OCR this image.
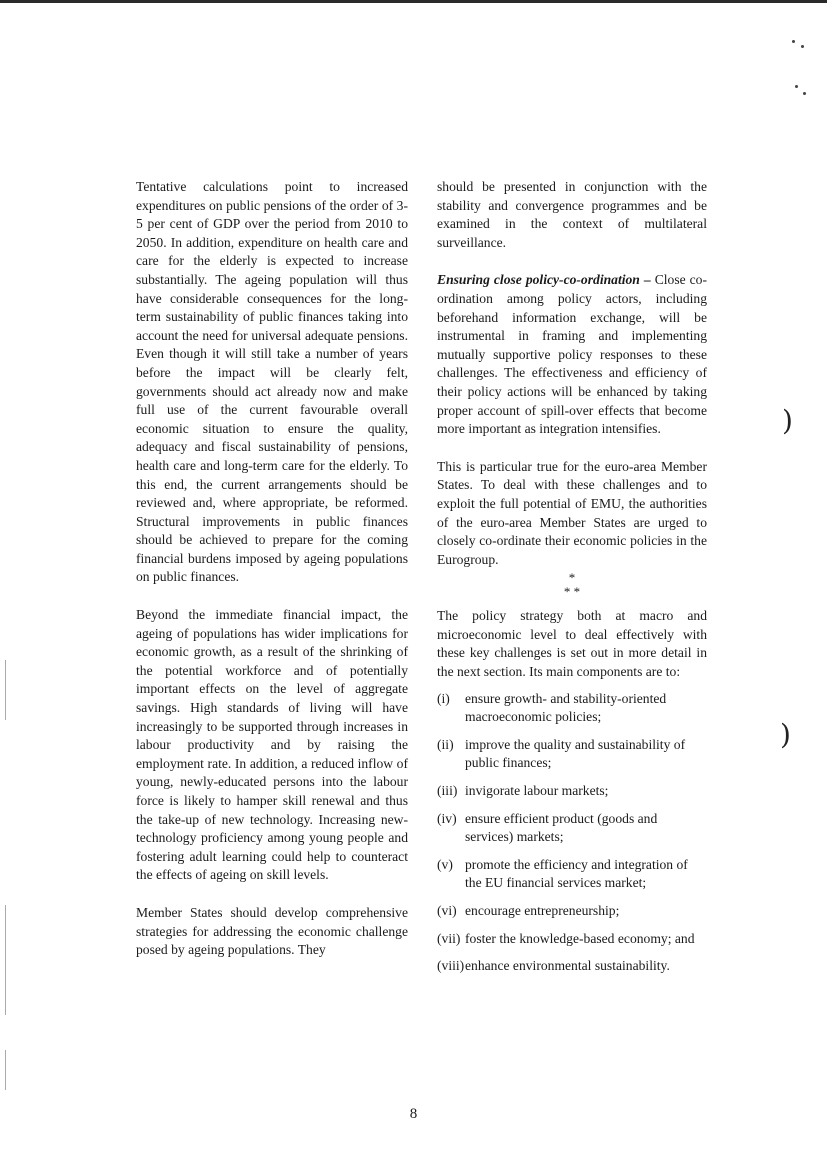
)
)

Tentative calculations point to increased expenditures on public pensions of the order of 3-5 per cent of GDP over the period from 2010 to 2050. In addition, expenditure on health care and care for the elderly is expected to increase substantially. The ageing population will thus have considerable consequences for the long-term sustainability of public finances taking into account the need for universal adequate pensions. Even though it will still take a number of years before the impact will be clearly felt, governments should act already now and make full use of the current favourable overall economic situation to ensure the quality, adequacy and fiscal sustainability of pensions, health care and long-term care for the elderly. To this end, the current arrangements should be reviewed and, where appropriate, be reformed. Structural improvements in public finances should be achieved to prepare for the coming financial burdens imposed by ageing populations on public finances.

Beyond the immediate financial impact, the ageing of populations has wider implications for economic growth, as a result of the shrinking of the potential workforce and of potentially important effects on the level of aggregate savings. High standards of living will have increasingly to be supported through increases in labour productivity and by raising the employment rate. In addition, a reduced inflow of young, newly-educated persons into the labour force is likely to hamper skill renewal and thus the take-up of new technology. Increasing new-technology proficiency among young people and fostering adult learning could help to counteract the effects of ageing on skill levels.

Member States should develop comprehensive strategies for addressing the economic challenge posed by ageing populations. They

should be presented in conjunction with the stability and convergence programmes and be examined in the context of multilateral surveillance.

Ensuring close policy-co-ordination – Close co-ordination among policy actors, including beforehand information exchange, will be instrumental in framing and implementing mutually supportive policy responses to these challenges. The effectiveness and efficiency of their policy actions will be enhanced by taking proper account of spill-over effects that become more important as integration intensifies.

This is particular true for the euro-area Member States. To deal with these challenges and to exploit the full potential of EMU, the authorities of the euro-area Member States are urged to closely co-ordinate their economic policies in the Eurogroup.

*
* *

The policy strategy both at macro and microeconomic level to deal effectively with these key challenges is set out in more detail in the next section. Its main components are to:

(i)	ensure growth- and stability-oriented macroeconomic policies;
(ii) improve the quality and sustainability of public finances;
(iii) invigorate labour markets;
(iv) ensure efficient product (goods and services) markets;
(v) promote the efficiency and integration of the EU financial services market;
(vi) encourage entrepreneurship;
(vii) foster the knowledge-based economy; and
(viii) enhance environmental sustainability.
8
